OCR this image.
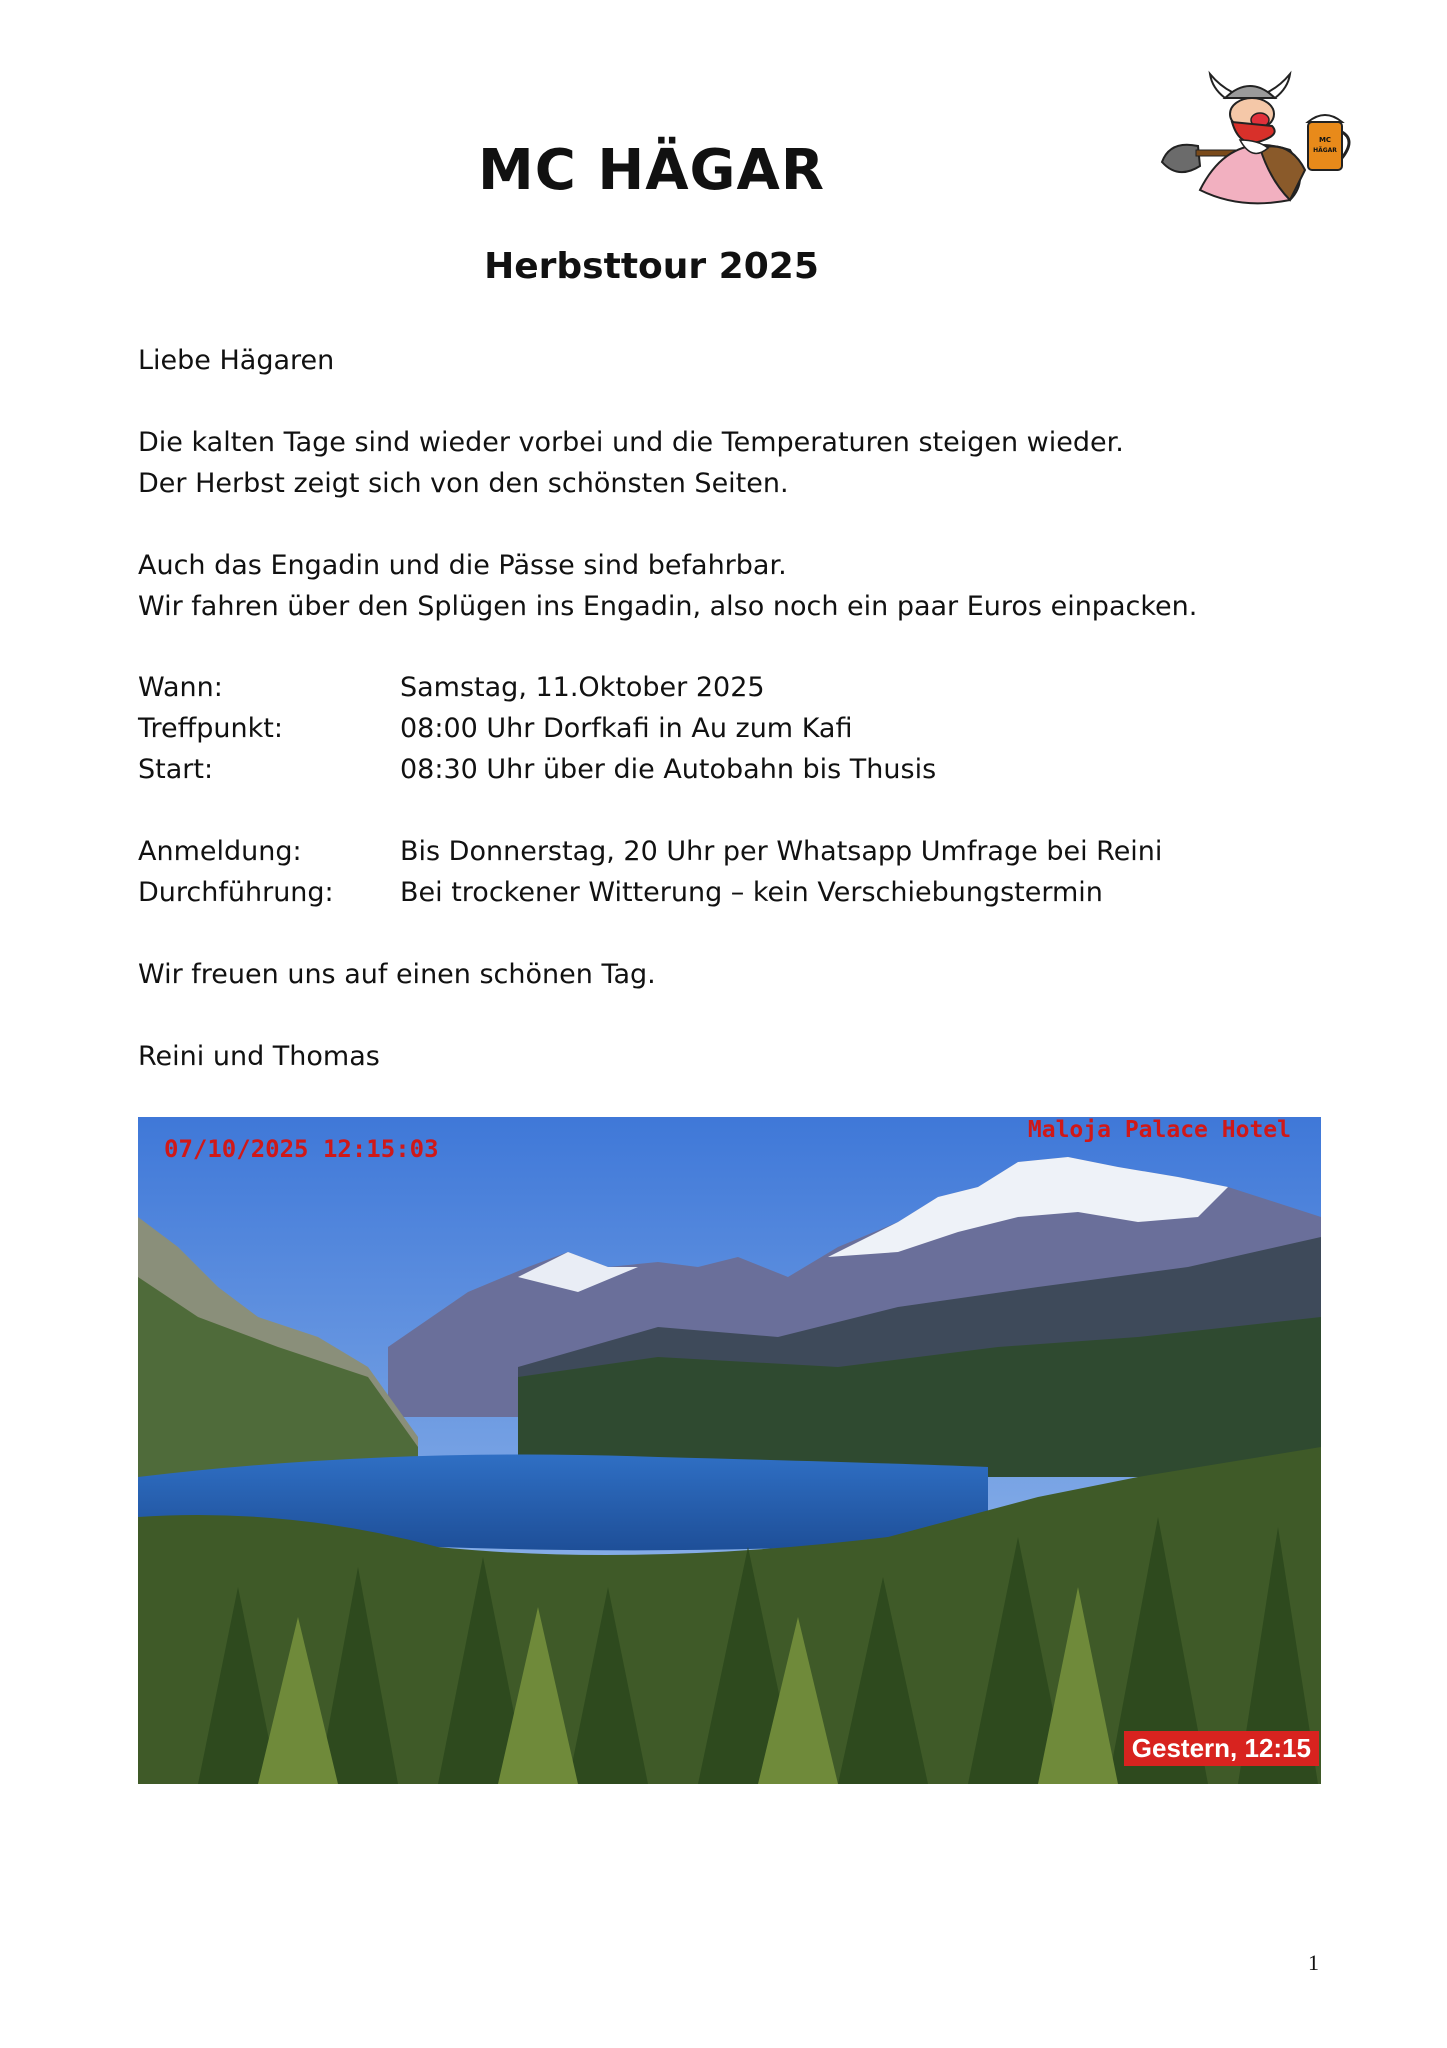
MC
HÄGAR
MC HÄGAR
Herbsttour 2025
Liebe Hägaren
Die kalten Tage sind wieder vorbei und die Temperaturen steigen wieder.
Der Herbst zeigt sich von den schönsten Seiten.
Auch das Engadin und die Pässe sind befahrbar.
Wir fahren über den Splügen ins Engadin, also noch ein paar Euros einpacken.
Wann:	Samstag, 11.Oktober 2025
Treffpunkt:	08:00 Uhr Dorfkafi in Au zum Kafi
Start:	08:30 Uhr über die Autobahn bis Thusis
Anmeldung:	Bis Donnerstag, 20 Uhr per Whatsapp Umfrage bei Reini
Durchführung: Bei trockener Witterung – kein Verschiebungstermin
Wir freuen uns auf einen schönen Tag.
Reini und Thomas
07/10/2025 12:15:03
Maloja Palace Hotel
Gestern, 12:15
1
